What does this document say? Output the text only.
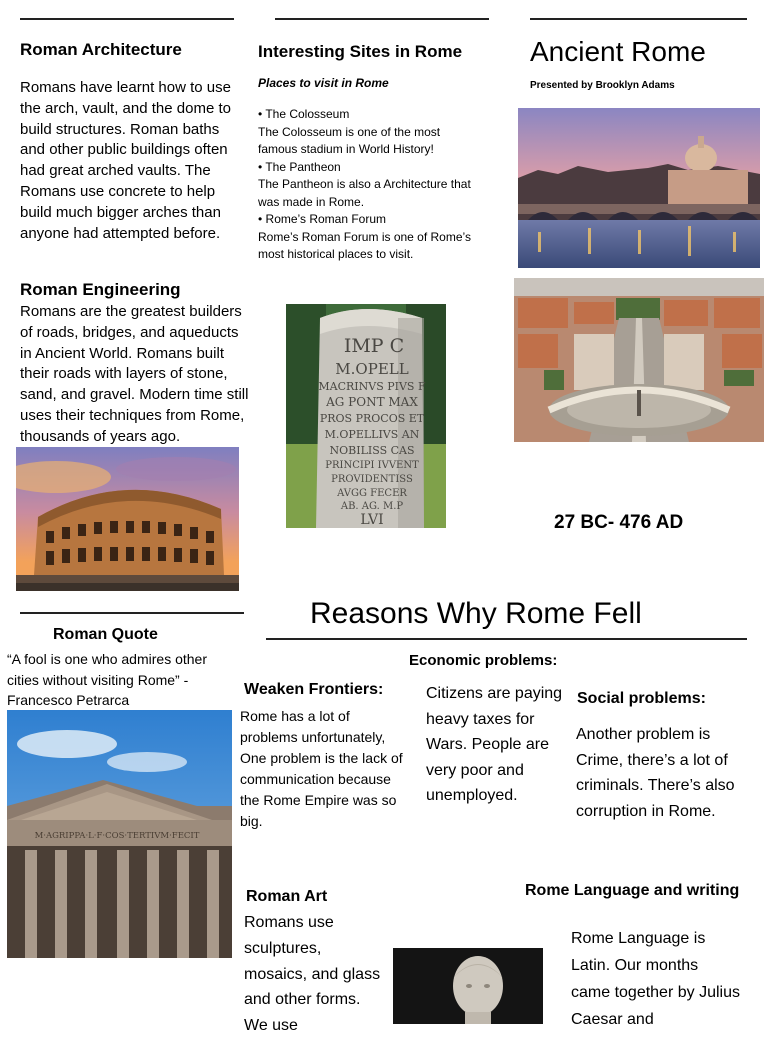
Roman Architecture
Romans have learnt how to use the arch, vault, and the dome to build structures. Roman baths and other public buildings often had great arched vaults. The Romans use concrete to help build much bigger arches than anyone had attempted before.
Roman Engineering
Romans are the greatest builders of roads, bridges, and aqueducts in Ancient World. Romans built their roads with layers of stone, sand, and gravel. Modern time still uses their techniques from Rome, thousands of years ago.
Interesting Sites in Rome
Places to visit in Rome
• The Colosseum
The Colosseum is one of the most famous stadium in World History!
• The Pantheon
The Pantheon is also a Architecture that was made in Rome.
• Rome’s Roman Forum
Rome’s Roman Forum is one of Rome’s most historical places to visit.
IMP C
M.OPELL
MACRINVS PIVS F
AG PONT MAX
PROS PROCOS ET
M.OPELLIVS AN
NOBILISS CAS
PRINCIPI IVVENT
PROVIDENTISS
AVGG FECER
AB. AG. M.P
LVI
Ancient Rome
Presented by Brooklyn Adams
27 BC- 476 AD
Roman Quote
“A fool is one who admires other cities without visiting Rome” - Francesco Petrarca
M·AGRIPPA·L·F·COS·TERTIVM·FECIT
Reasons Why Rome Fell
Weaken Frontiers:
Rome has a lot of problems unfortunately, One problem is the lack of communication because the Rome Empire was so big.
Economic problems:
Citizens are paying heavy taxes for Wars. People are very poor and unemployed.
Social problems:
Another problem is Crime, there’s a lot of criminals. There’s also corruption in Rome.
Roman Art
Romans use sculptures, mosaics, and glass and other forms. We use
Rome Language and writing
Rome Language is Latin. Our months came together by Julius Caesar and
